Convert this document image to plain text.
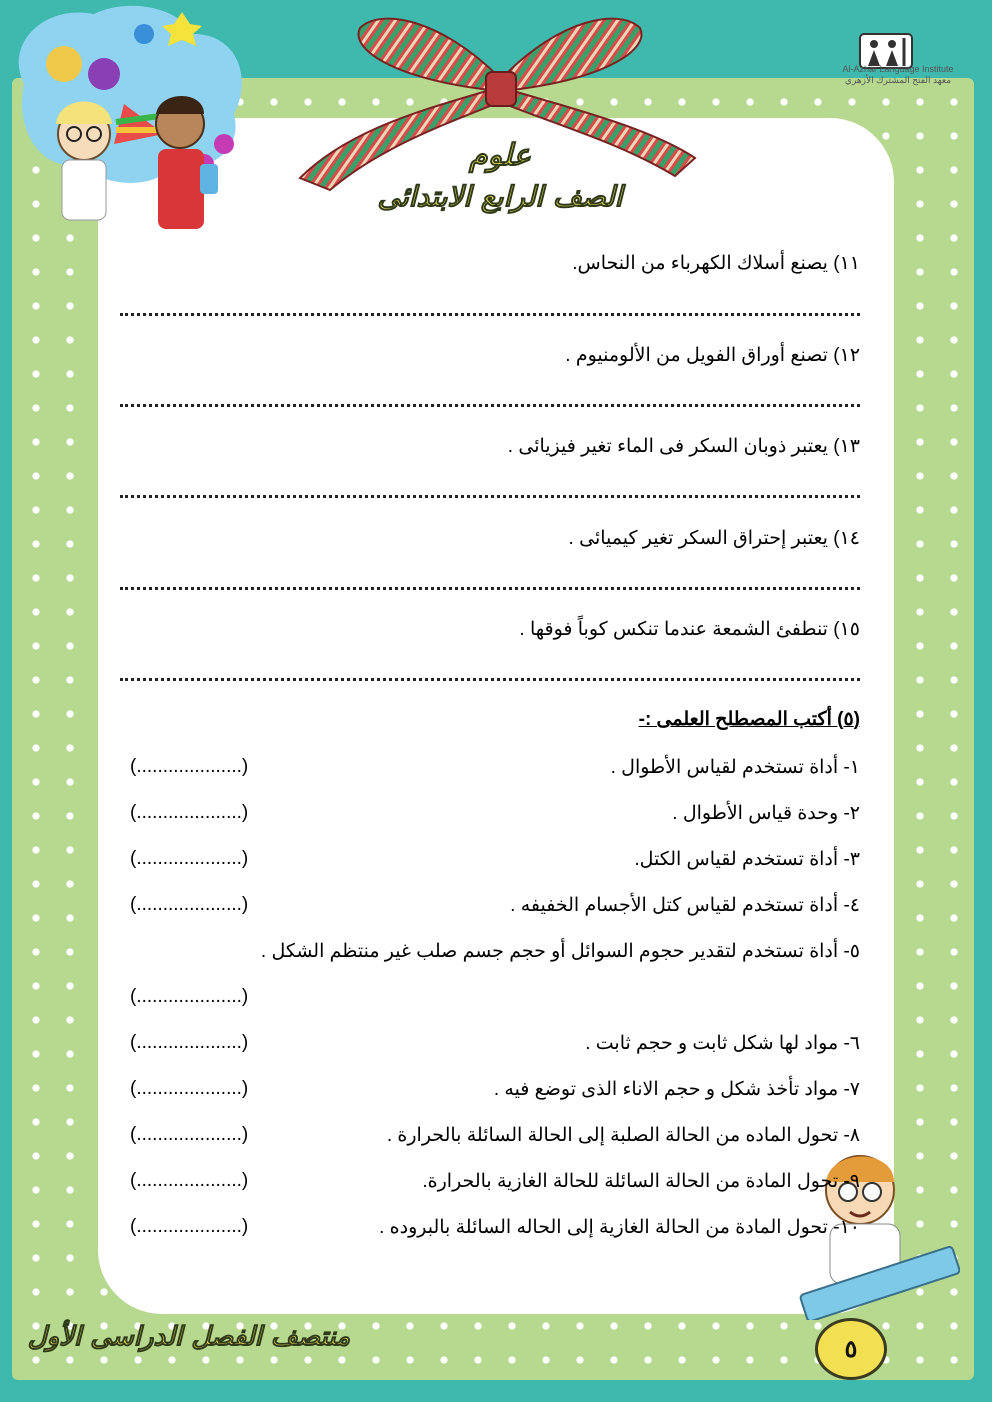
علوم
الصف الرابع الابتدائى
Al-Azhar Language Institute
معهد الفتح المشترك الأزهري
١١) يصنع أسلاك الكهرباء من النحاس.
١٢) تصنع أوراق الفويل من الألومنيوم .
١٣) يعتبر ذوبان السكر فى الماء تغير فيزيائى .
١٤) يعتبر إحتراق السكر تغير كيميائى .
١٥) تنطفئ الشمعة عندما تنكس كوباً فوقها .
(٥) أكتب المصطلح العلمى :-
١- أداة تستخدم لقياس الأطوال .
(....................)
٢- وحدة قياس الأطوال .
(....................)
٣- أداة تستخدم لقياس الكتل.
(....................)
٤- أداة تستخدم لقياس كتل الأجسام الخفيفه .
(....................)
٥- أداة تستخدم لتقدير حجوم السوائل أو حجم جسم صلب غير منتظم الشكل .
(....................)
٦- مواد لها شكل ثابت و حجم ثابت .
(....................)
٧- مواد تأخذ شكل و حجم الاناء الذى توضع فيه .
(....................)
٨- تحول الماده من الحالة الصلبة إلى الحالة السائلة بالحرارة .
(....................)
٩- تحول المادة من الحالة السائلة للحالة الغازية بالحرارة.
(....................)
١٠- تحول المادة من الحالة الغازية إلى الحاله السائلة بالبروده .
(....................)
منتصف الفصل الدراسى الأول	٥
